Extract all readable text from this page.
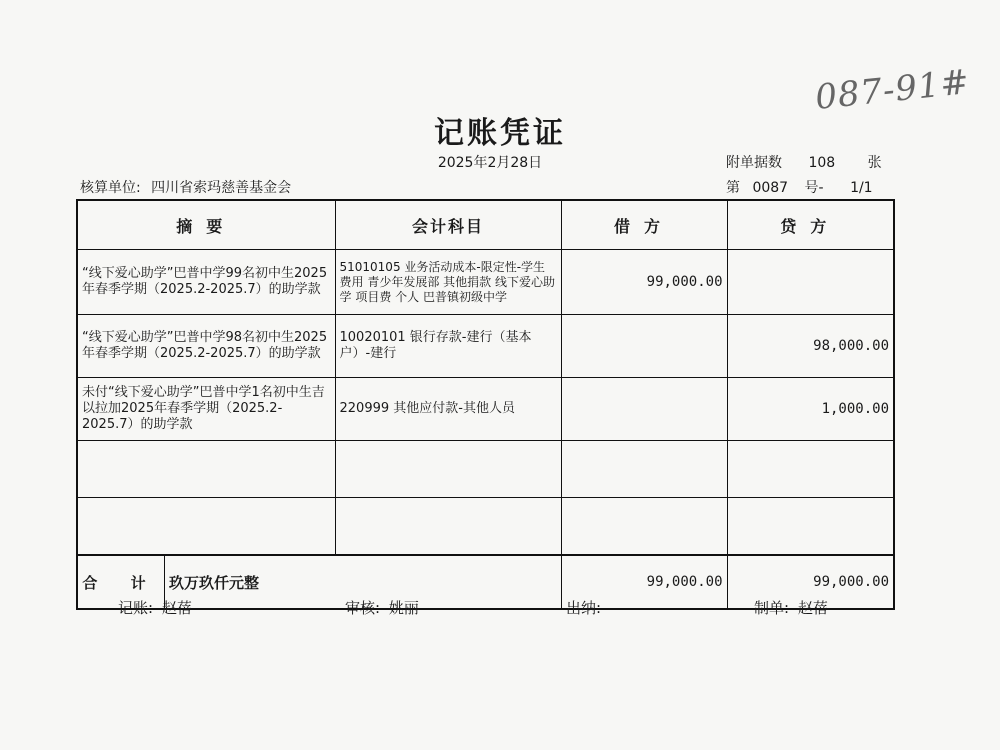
087-91#
记账凭证
2025年2月28日	附单据数 108 张
核算单位: 四川省索玛慈善基金会	第 0087 号- 1/1
摘要	会计科目	借方	贷方
“线下爱心助学”巴普中学99名初中生2025年春季学期（2025.2-2025.7）的助学款	51010105 业务活动成本-限定性-学生费用 青少年发展部 其他捐款 线下爱心助学 项目费 个人 巴普镇初级中学	99,000.00	
“线下爱心助学”巴普中学98名初中生2025年春季学期（2025.2-2025.7）的助学款	10020101 银行存款-建行（基本户）-建行		98,000.00
未付“线下爱心助学”巴普中学1名初中生吉以拉加2025年春季学期（2025.2-2025.7）的助学款	220999 其他应付款-其他人员		1,000.00

合 计 玖万玖仟元整		99,000.00	99,000.00
记账: 赵蓓	审核: 姚丽	出纳:	制单: 赵蓓
